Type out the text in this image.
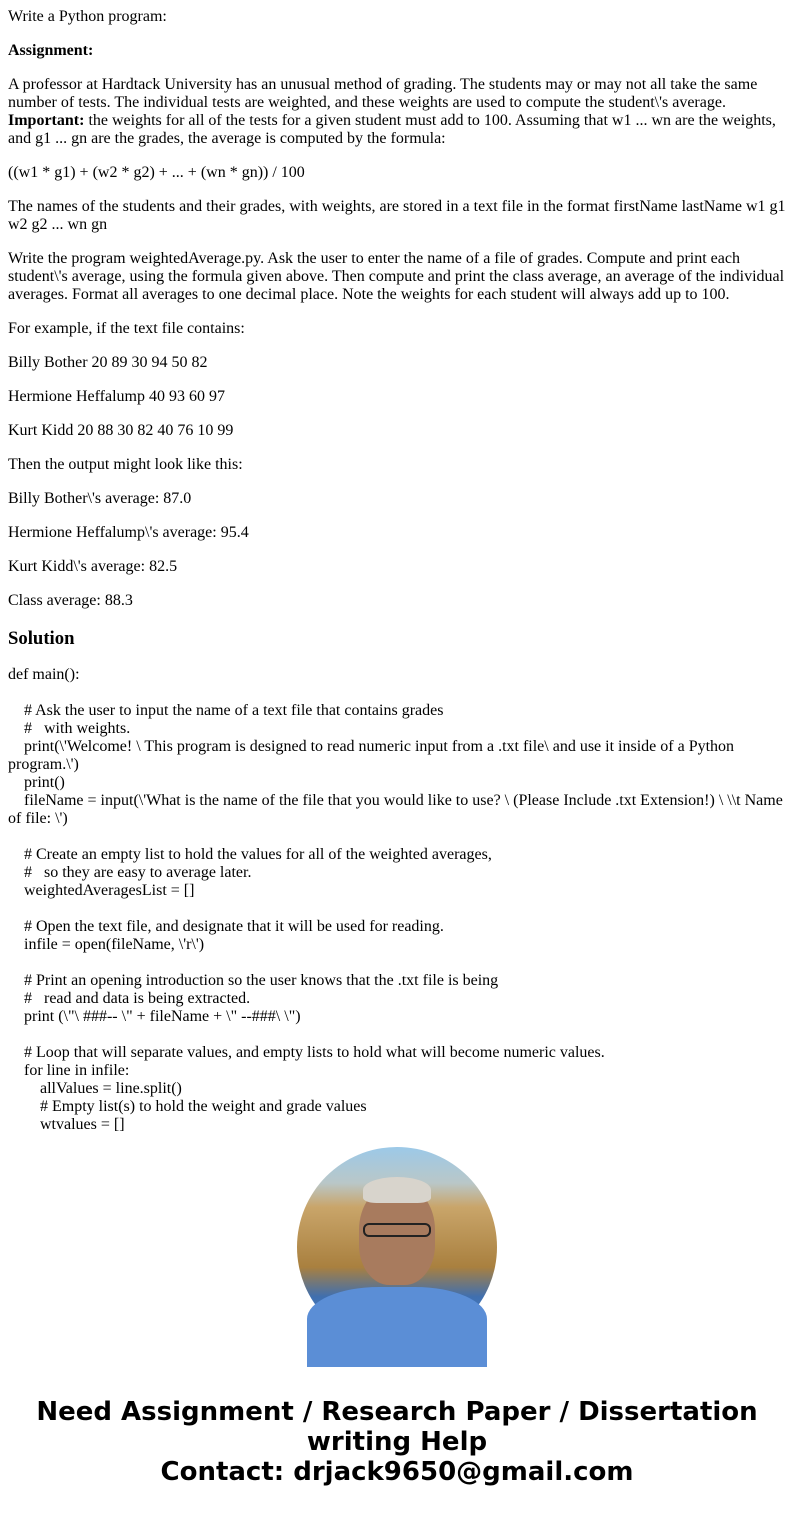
Write a Python program:

Assignment:

A professor at Hardtack University has an unusual method of grading. The students may or may not all take the same number of tests. The individual tests are weighted, and these weights are used to compute the student\'s average. Important: the weights for all of the tests for a given student must add to 100. Assuming that w1 ... wn are the weights, and g1 ... gn are the grades, the average is computed by the formula:

((w1 * g1) + (w2 * g2) + ... + (wn * gn)) / 100

The names of the students and their grades, with weights, are stored in a text file in the format firstName lastName w1 g1 w2 g2 ... wn gn

Write the program weightedAverage.py. Ask the user to enter the name of a file of grades. Compute and print each student\'s average, using the formula given above. Then compute and print the class average, an average of the individual averages. Format all averages to one decimal place. Note the weights for each student will always add up to 100.

For example, if the text file contains:

Billy Bother 20 89 30 94 50 82

Hermione Heffalump 40 93 60 97

Kurt Kidd 20 88 30 82 40 76 10 99

Then the output might look like this:

Billy Bother\'s average: 87.0

Hermione Heffalump\'s average: 95.4

Kurt Kidd\'s average: 82.5

Class average: 88.3

Solution
def main():

# Ask the user to input the name of a text file that contains grades
#   with weights.
print(\'Welcome! \ This program is designed to read numeric input from a .txt file\ and use it inside of a Python program.\')
print()
fileName = input(\'What is the name of the file that you would like to use? \ (Please Include .txt Extension!) \ \\t Name of file: \')

# Create an empty list to hold the values for all of the weighted averages,
#   so they are easy to average later.
weightedAveragesList = []

# Open the text file, and designate that it will be used for reading.
infile = open(fileName, \'r\')

# Print an opening introduction so the user knows that the .txt file is being
#   read and data is being extracted.
print (\"\ ###-- \" + fileName + \" --###\ \")

# Loop that will separate values, and empty lists to hold what will become numeric values.
for line in infile:
allValues = line.split()
# Empty list(s) to hold the weight and grade values
wtvalues = []
Need Assignment / Research Paper / Dissertation
writing Help
Contact: drjack9650@gmail.com
